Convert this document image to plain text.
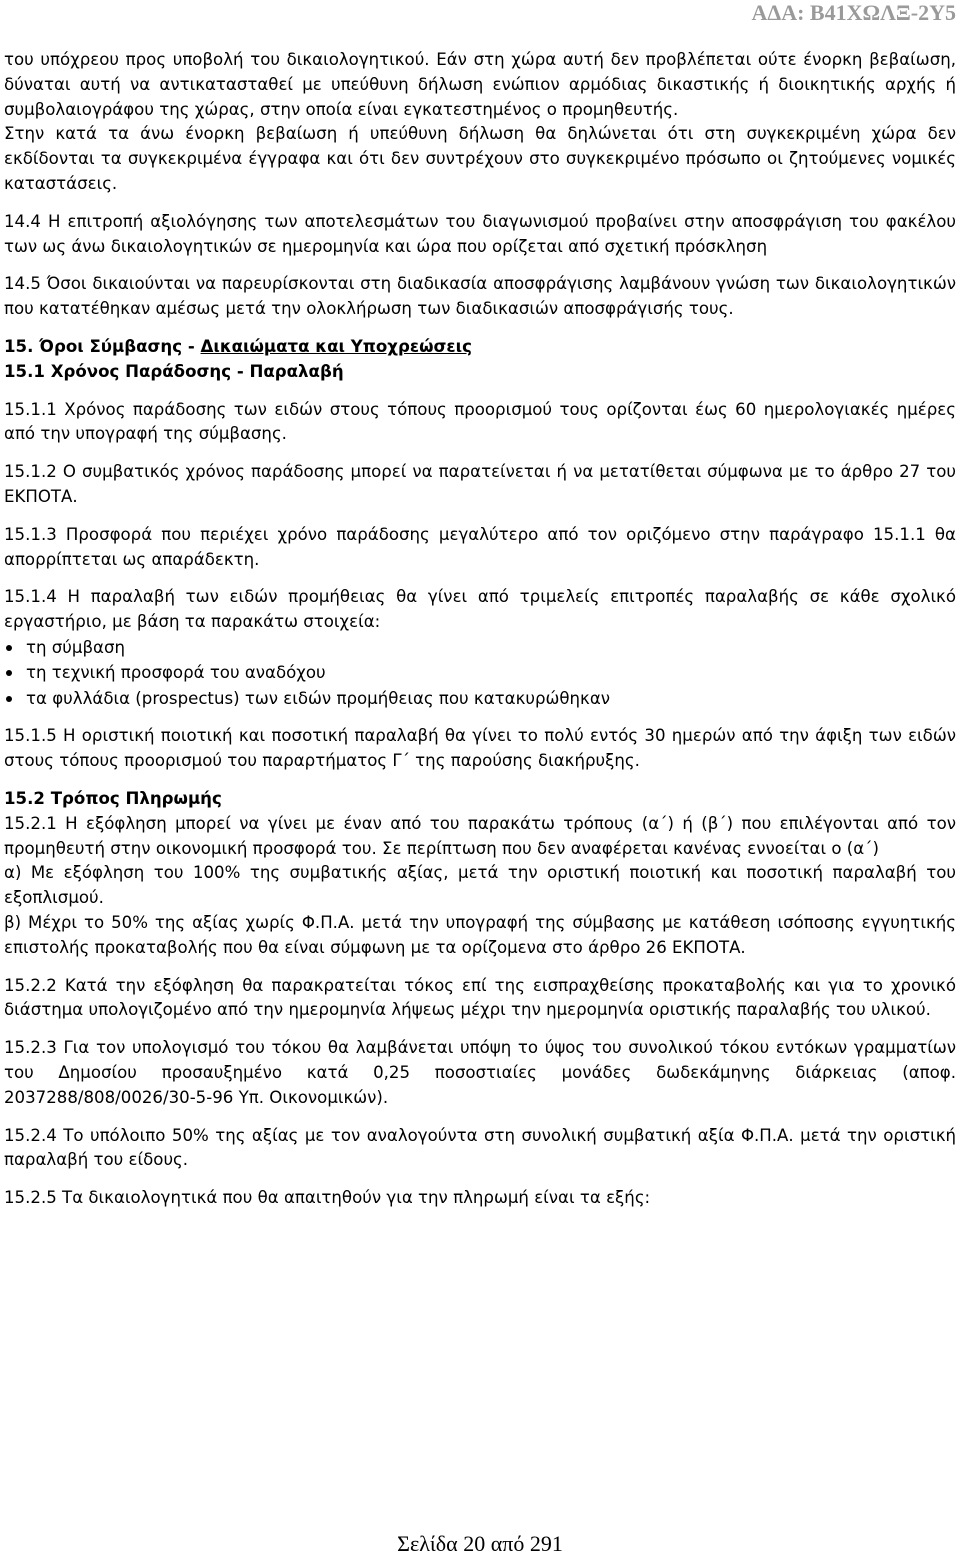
ΑΔΑ: Β41ΧΩΛΞ-2Υ5

του υπόχρεου προς υποβολή του δικαιολογητικού. Εάν στη χώρα αυτή δεν προβλέπεται ούτε ένορκη βεβαίωση, δύναται αυτή να αντικατασταθεί με υπεύθυνη δήλωση ενώπιον αρμόδιας δικαστικής ή διοικητικής αρχής ή συμβολαιογράφου της χώρας, στην οποία είναι εγκατεστημένος ο προμηθευτής.

Στην κατά τα άνω ένορκη βεβαίωση ή υπεύθυνη δήλωση θα δηλώνεται ότι στη συγκεκριμένη χώρα δεν εκδίδονται τα συγκεκριμένα έγγραφα και ότι δεν συντρέχουν στο συγκεκριμένο πρόσωπο οι ζητούμενες νομικές καταστάσεις.

14.4 Η επιτροπή αξιολόγησης των αποτελεσμάτων του διαγωνισμού προβαίνει στην αποσφράγιση του φακέλου των ως άνω δικαιολογητικών σε ημερομηνία και ώρα που ορίζεται από σχετική πρόσκληση

14.5 Όσοι δικαιούνται να παρευρίσκονται στη διαδικασία αποσφράγισης λαμβάνουν γνώση των δικαιολογητικών που κατατέθηκαν αμέσως μετά την ολοκλήρωση των διαδικασιών αποσφράγισής τους.

15. Όροι Σύμβασης - Δικαιώματα και Υποχρεώσεις

15.1 Χρόνος Παράδοσης - Παραλαβή

15.1.1 Χρόνος παράδοσης των ειδών στους τόπους προορισμού τους ορίζονται έως 60 ημερολογιακές ημέρες από την υπογραφή της σύμβασης.

15.1.2 Ο συμβατικός χρόνος παράδοσης μπορεί να παρατείνεται ή να μετατίθεται σύμφωνα με το άρθρο 27 του ΕΚΠΟΤΑ.

15.1.3 Προσφορά που περιέχει χρόνο παράδοσης μεγαλύτερο από τον οριζόμενο στην παράγραφο 15.1.1 θα απορρίπτεται ως απαράδεκτη.

15.1.4 Η παραλαβή των ειδών προμήθειας θα γίνει από τριμελείς επιτροπές παραλαβής σε κάθε σχολικό εργαστήριο, με βάση τα παρακάτω στοιχεία:

τη σύμβαση
τη τεχνική προσφορά του αναδόχου
τα φυλλάδια (prospectus) των ειδών προμήθειας που κατακυρώθηκαν

15.1.5 Η οριστική ποιοτική και ποσοτική παραλαβή θα γίνει το πολύ εντός 30 ημερών από την άφιξη των ειδών στους τόπους προορισμού του παραρτήματος Γ΄ της παρούσης διακήρυξης.

15.2 Τρόπος Πληρωμής

15.2.1 Η εξόφληση μπορεί να γίνει με έναν από του παρακάτω τρόπους (α΄) ή (β΄) που επιλέγονται από τον προμηθευτή στην οικονομική προσφορά του. Σε περίπτωση που δεν αναφέρεται κανένας εννοείται ο (α΄)

α) Με εξόφληση του 100% της συμβατικής αξίας, μετά την οριστική ποιοτική και ποσοτική παραλαβή του εξοπλισμού.

β) Μέχρι το 50% της αξίας χωρίς Φ.Π.Α. μετά την υπογραφή της σύμβασης με κατάθεση ισόποσης εγγυητικής επιστολής προκαταβολής που θα είναι σύμφωνη με τα ορίζομενα στο άρθρο 26 ΕΚΠΟΤΑ.

15.2.2 Κατά την εξόφληση θα παρακρατείται τόκος επί της εισπραχθείσης προκαταβολής και για το χρονικό διάστημα υπολογιζομένο από την ημερομηνία λήψεως μέχρι την ημερομηνία οριστικής παραλαβής του υλικού.

15.2.3 Για τον υπολογισμό του τόκου θα λαμβάνεται υπόψη το ύψος του συνολικού τόκου εντόκων γραμματίων του Δημοσίου προσαυξημένο κατά 0,25 ποσοστιαίες μονάδες δωδεκάμηνης διάρκειας (αποφ. 2037288/808/0026/30-5-96 Υπ. Οικονομικών).

15.2.4 Το υπόλοιπο 50% της αξίας με τον αναλογούντα στη συνολική συμβατική αξία Φ.Π.Α. μετά την οριστική παραλαβή του είδους.

15.2.5 Τα δικαιολογητικά που θα απαιτηθούν για την πληρωμή είναι τα εξής:

Σελίδα 20 από 291
